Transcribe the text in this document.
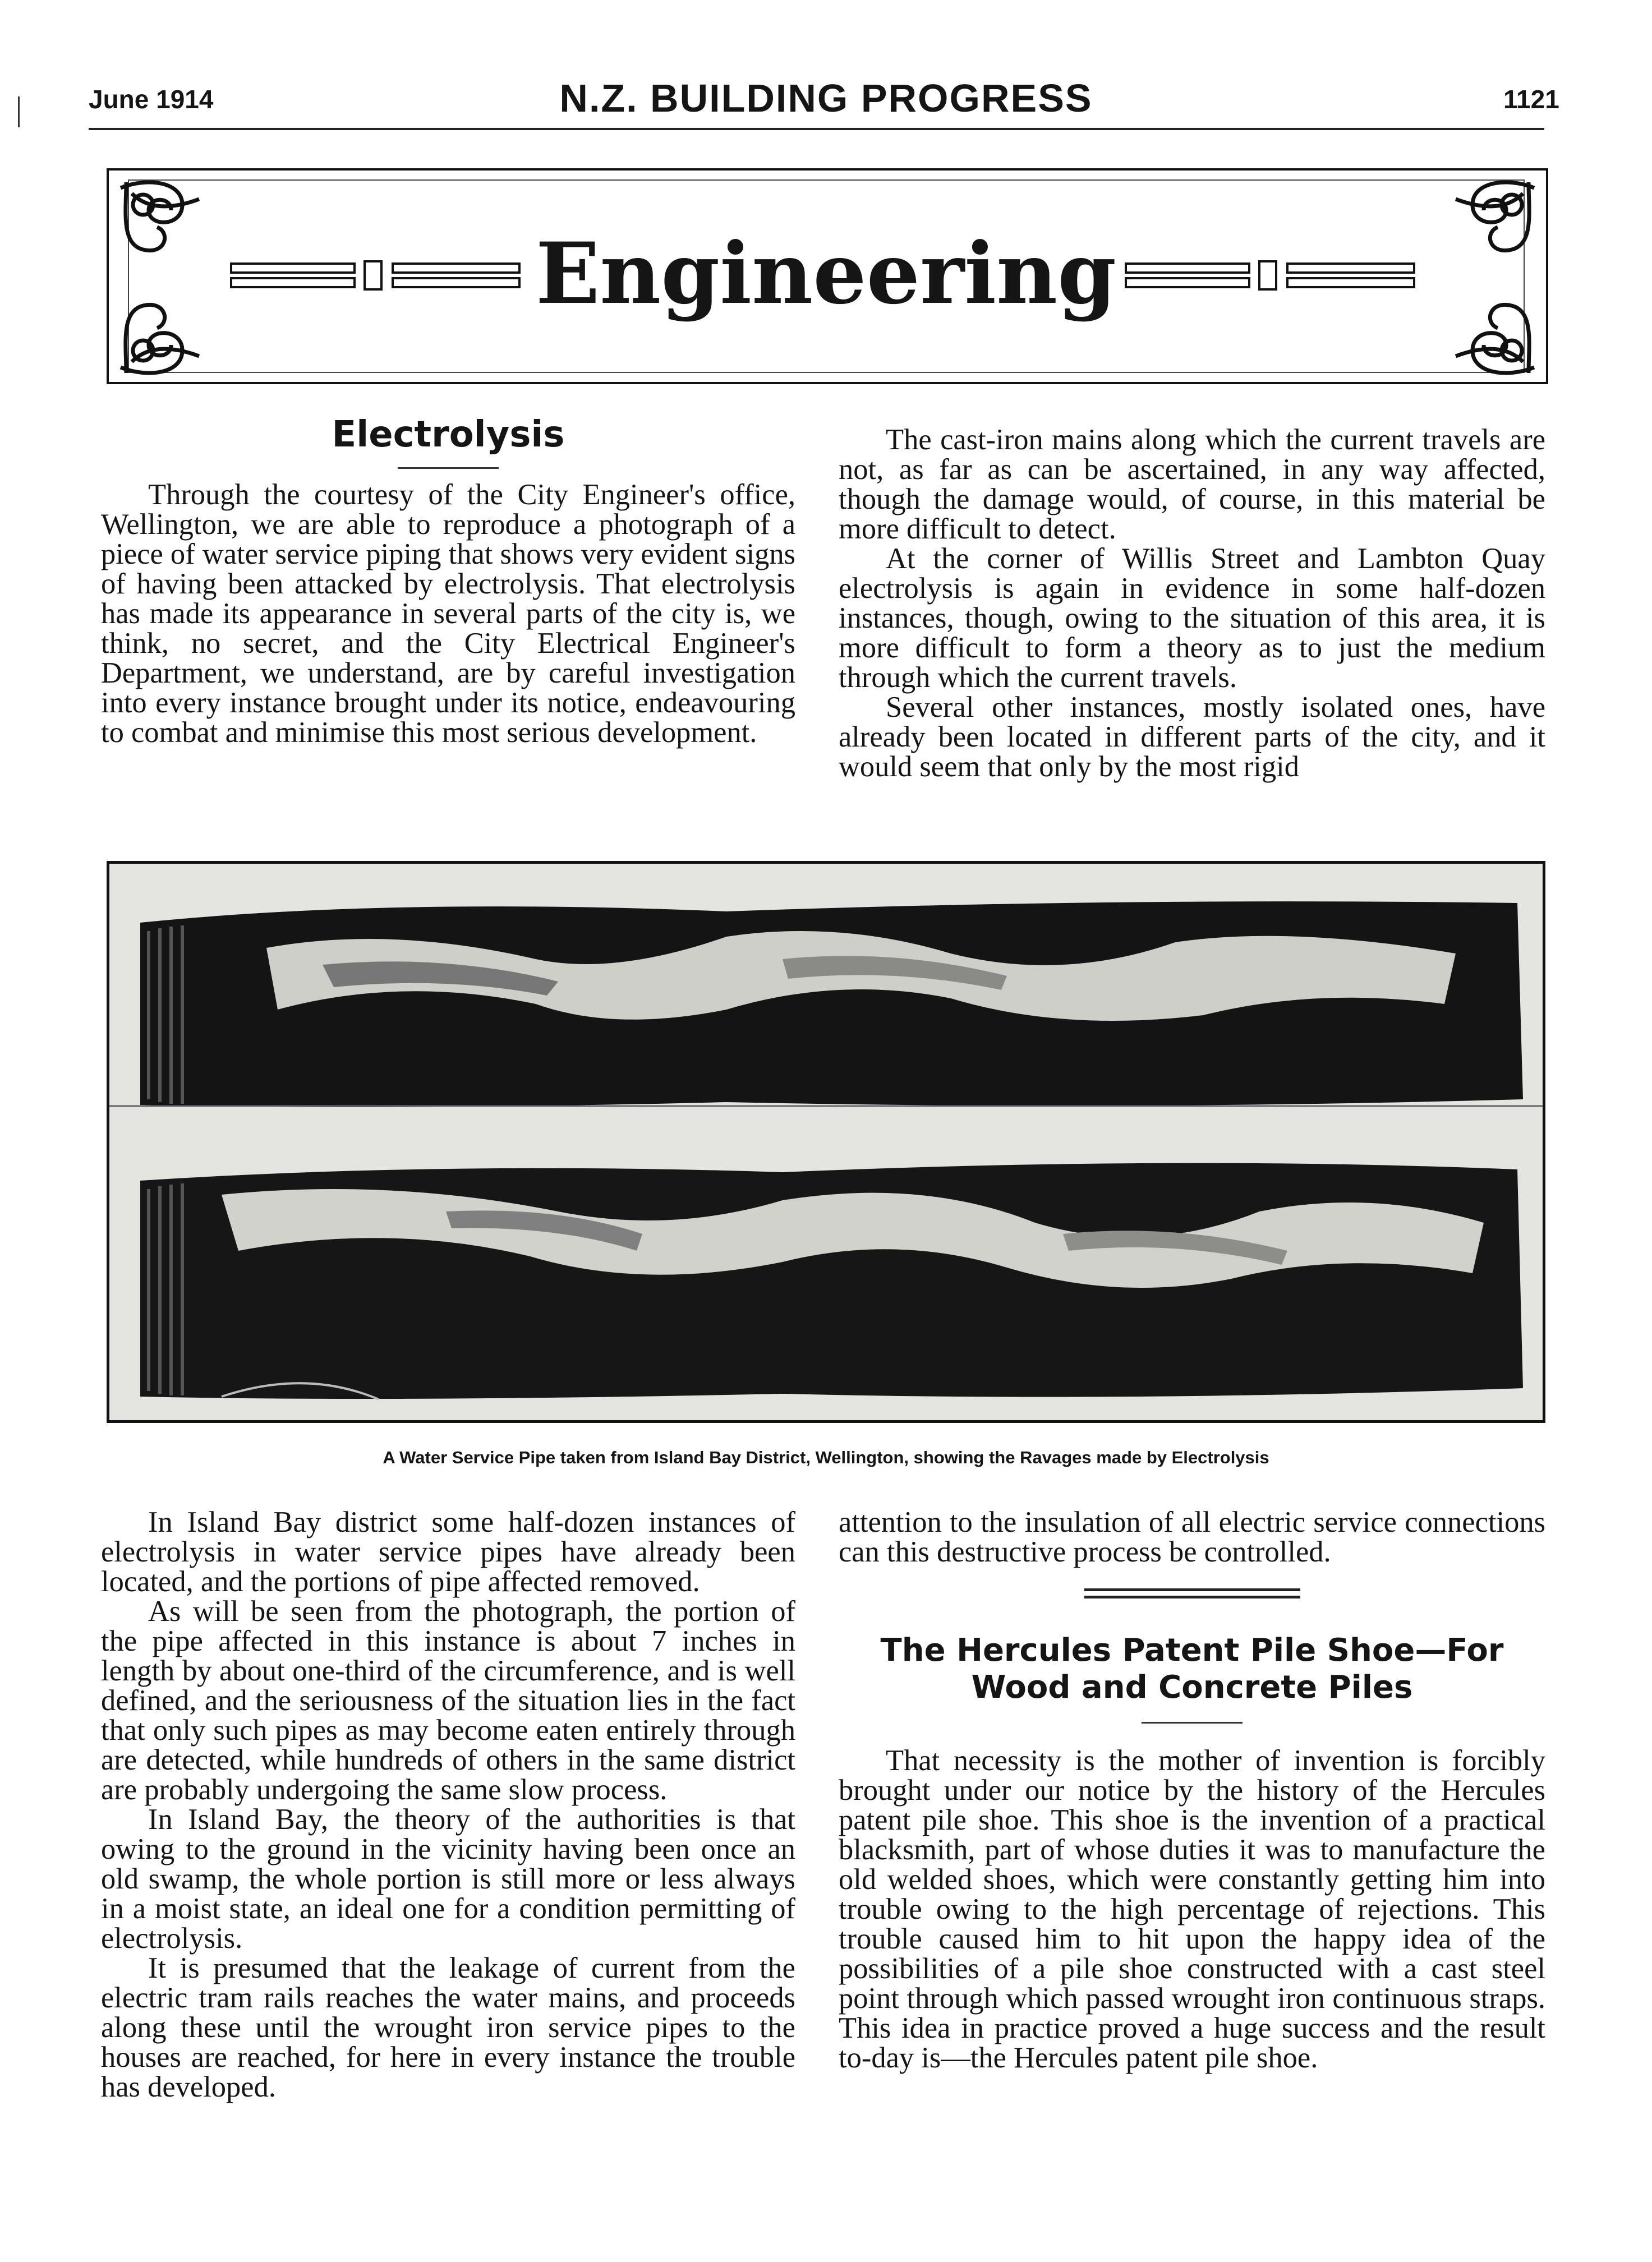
June 1914	N.Z. BUILDING PROGRESS	1121
Engineering
Electrolysis

Through the courtesy of the City Engineer's office, Wellington, we are able to reproduce a photograph of a piece of water service piping that shows very evident signs of having been attacked by electrolysis. That electrolysis has made its appearance in several parts of the city is, we think, no secret, and the City Electrical Engineer's Department, we understand, are by careful investigation into every instance brought under its notice, endeavouring to combat and minimise this most serious development.

The cast-iron mains along which the current travels are not, as far as can be ascertained, in any way affected, though the damage would, of course, in this material be more difficult to detect.

At the corner of Willis Street and Lambton Quay electrolysis is again in evidence in some half-dozen instances, though, owing to the situation of this area, it is more difficult to form a theory as to just the medium through which the current travels.

Several other instances, mostly isolated ones, have already been located in different parts of the city, and it would seem that only by the most rigid

A Water Service Pipe taken from Island Bay District, Wellington, showing the Ravages made by Electrolysis

In Island Bay district some half-dozen instances of electrolysis in water service pipes have already been located, and the portions of pipe affected removed.

As will be seen from the photograph, the portion of the pipe affected in this instance is about 7 inches in length by about one-third of the circumference, and is well defined, and the seriousness of the situation lies in the fact that only such pipes as may become eaten entirely through are detected, while hundreds of others in the same district are probably undergoing the same slow process.

In Island Bay, the theory of the authorities is that owing to the ground in the vicinity having been once an old swamp, the whole portion is still more or less always in a moist state, an ideal one for a condition permitting of electrolysis.

It is presumed that the leakage of current from the electric tram rails reaches the water mains, and proceeds along these until the wrought iron service pipes to the houses are reached, for here in every instance the trouble has developed.

attention to the insulation of all electric service connections can this destructive process be controlled.

The Hercules Patent Pile Shoe—For
Wood and Concrete Piles

That necessity is the mother of invention is forcibly brought under our notice by the history of the Hercules patent pile shoe. This shoe is the invention of a practical blacksmith, part of whose duties it was to manufacture the old welded shoes, which were constantly getting him into trouble owing to the high percentage of rejections. This trouble caused him to hit upon the happy idea of the possibilities of a pile shoe constructed with a cast steel point through which passed wrought iron continuous straps. This idea in practice proved a huge success and the result to-day is—the Hercules patent pile shoe.
